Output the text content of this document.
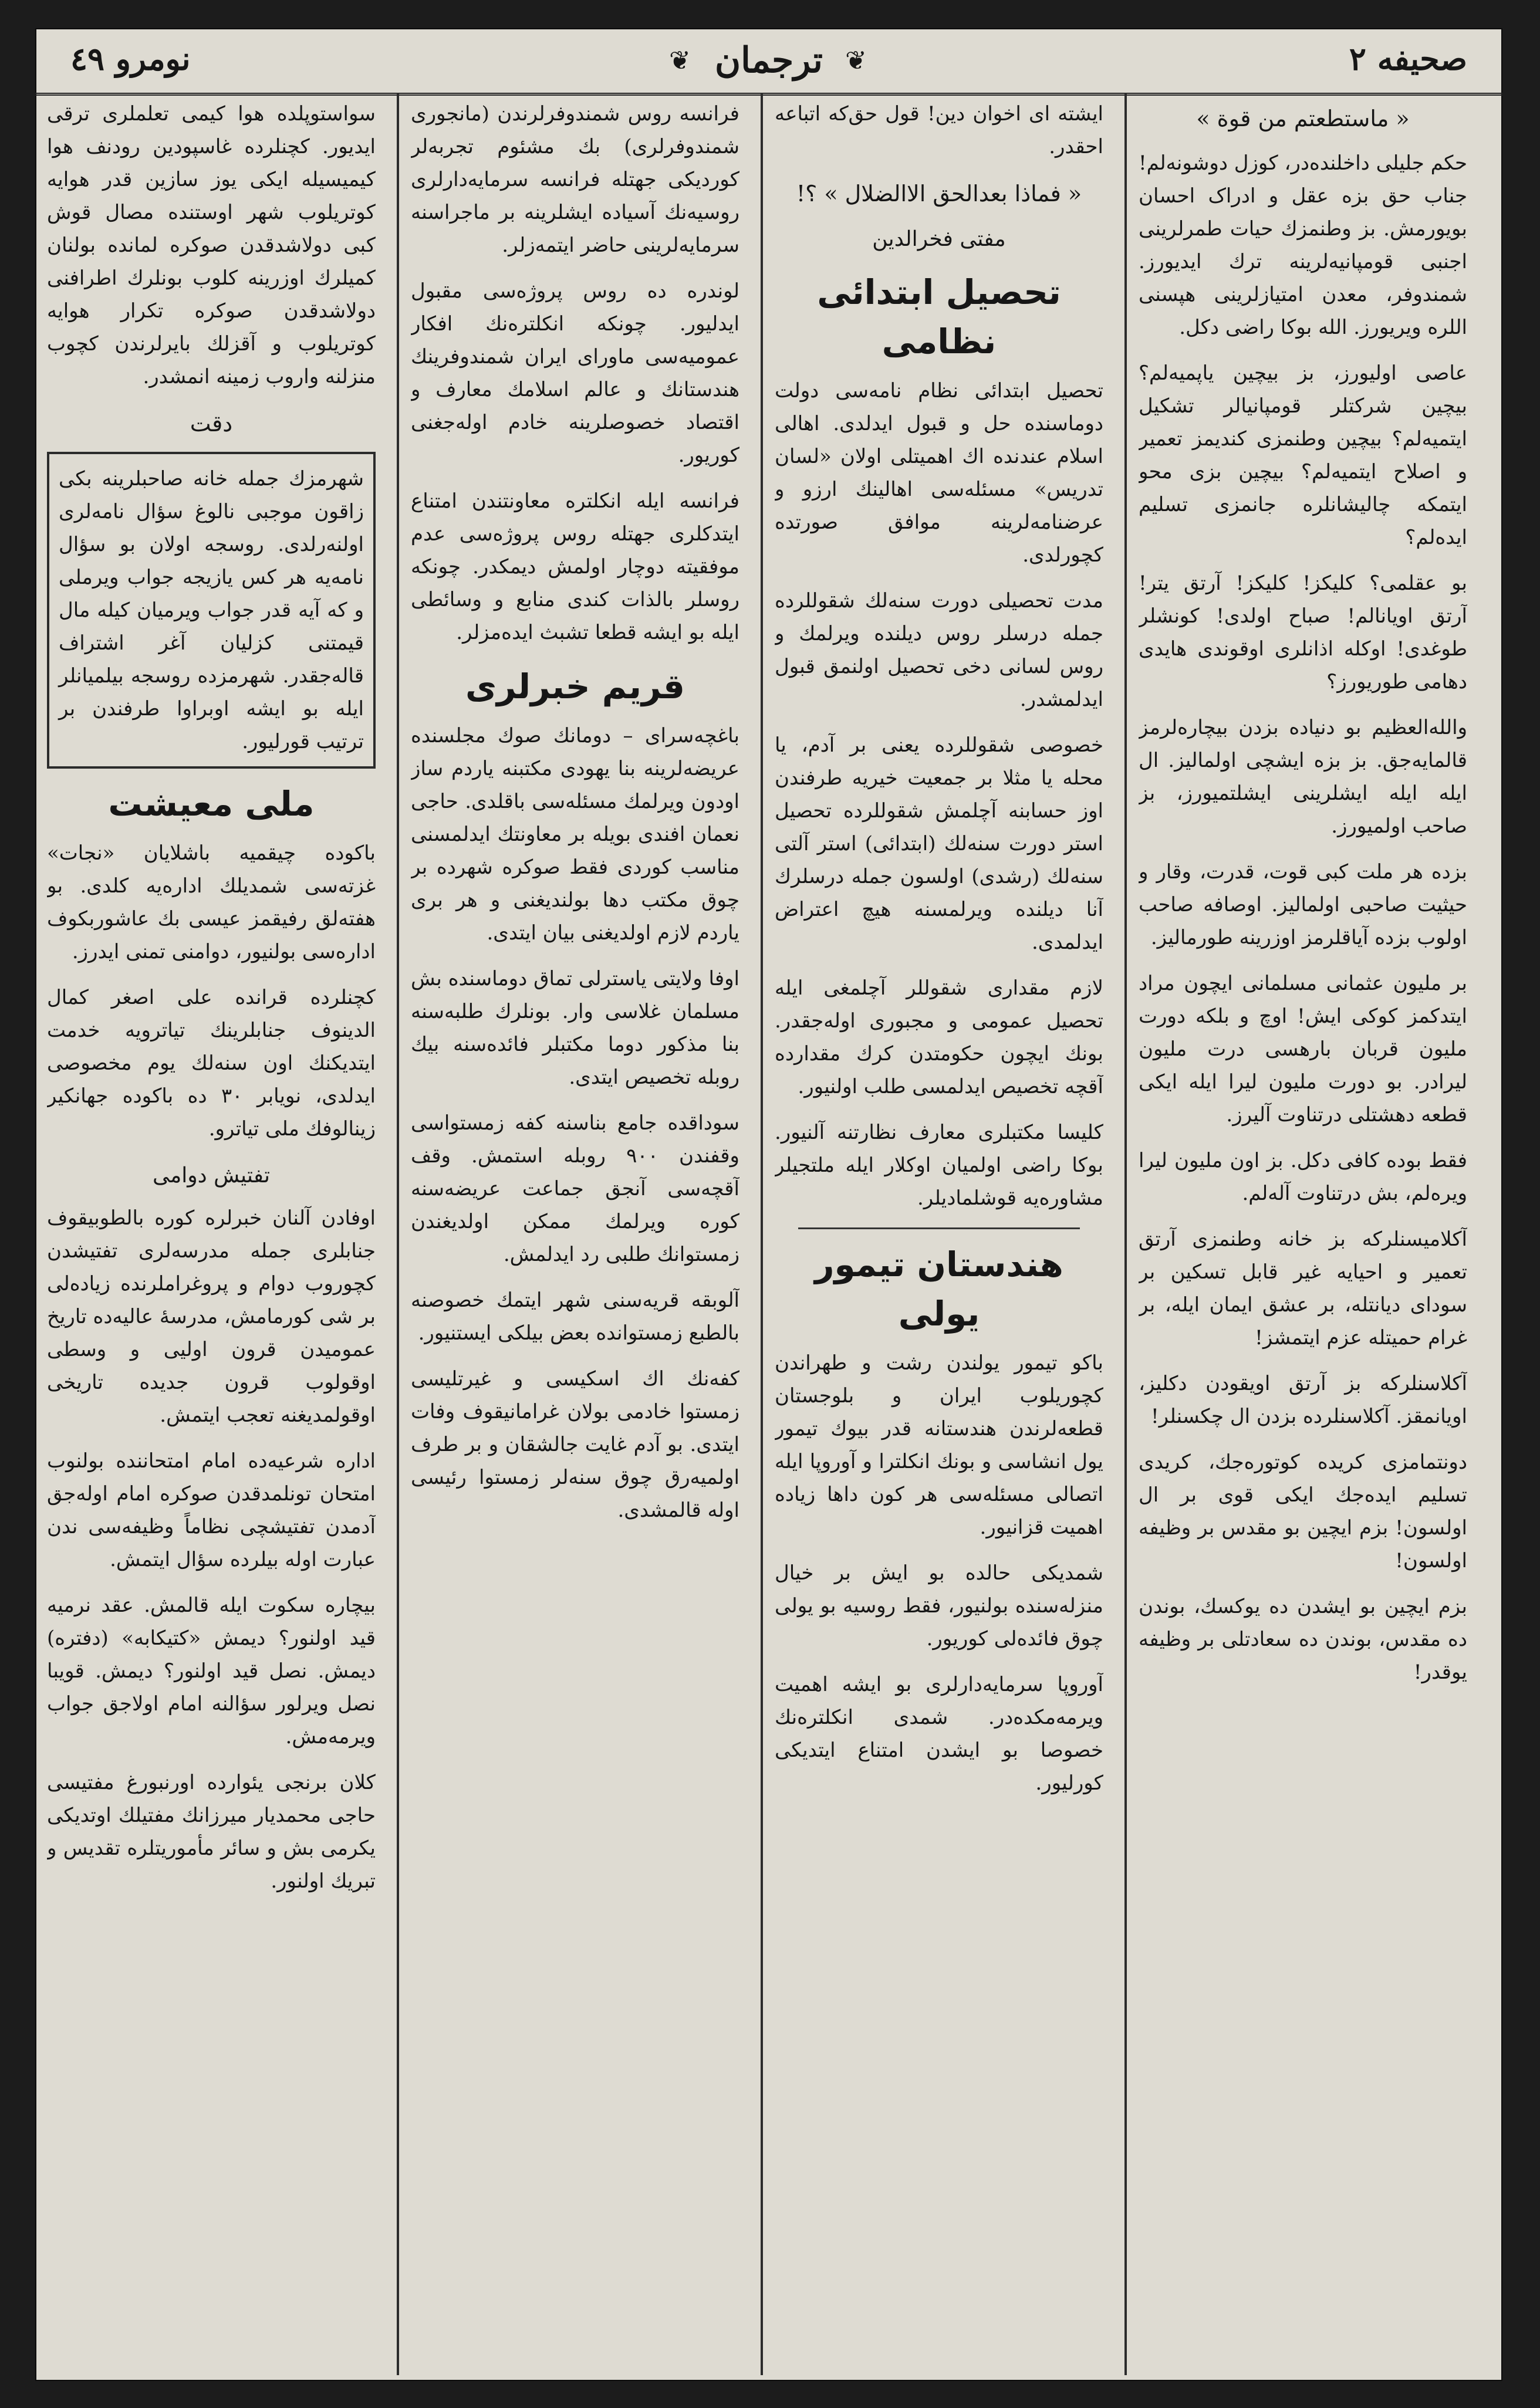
صحیفه ۲
❦
ترجمان
❦
نومرو ٤٩
« ماستطعتم من قوة »

حکم جلیلی داخلنده‌در، کوزل دوشونه‌لم! جناب حق بزه عقل و ادراک احسان بویورمش. بز وطنمزك حیات طمرلرینی اجنبی قومپانیه‌لرینه ترك ایدیورز. شمندوفر، معدن امتیازلرینی هپسنی اللره ویریورز. الله بوکا راضی دکل.

عاصی اولیورز، بز بیچین یاپمیه‌لم؟ بیچین شرکتلر قومپانیالر تشکیل ایتمیه‌لم؟ بیچین وطنمزی کندیمز تعمیر و اصلاح ایتمیه‌لم؟ بیچین بزی محو ایتمکه چالیشانلره جانمزی تسلیم ایده‌لم؟

بو عقلمی؟ کلیکز! کلیکز! آرتق یتر! آرتق اویانالم! صباح اولدی! کونشلر طوغدی! اوکله اذانلری اوقوندی هایدی دهامی طوریورز؟

والله‌العظیم بو دنیاده بزدن بیچاره‌لرمز قالمایه‌جق. بز بزه ایشچی اولمالیز. ال ایله ایله ایشلرینی ایشلتمیورز، بز صاحب اولمیورز.

بزده هر ملت کبی قوت، قدرت، وقار و حیثیت صاحبی اولمالیز. اوصافه صاحب اولوب بزده آیاقلرمز اوزرینه طورمالیز.

بر ملیون عثمانی مسلمانی ایچون مراد ایتدکمز کوکی ایش! اوچ و بلکه دورت ملیون قربان بارهسی درت ملیون لیرادر. بو دورت ملیون لیرا ایله ایکی قطعه دهشتلی درتناوت آلیرز.

فقط بوده کافی دکل. بز اون ملیون لیرا ویره‌لم، بش درتناوت آله‌لم.

آکلامیسنلرکه بز خانه وطنمزی آرتق تعمیر و احیایه غیر قابل تسکین بر سودای دیانتله، بر عشق ایمان ایله، بر غرام حمیتله عزم ایتمشز!

آکلاسنلرکه بز آرتق اویقودن دکلیز، اویانمقز. آکلاسنلرده بزدن ال چکسنلر!

دونتمامزی کریده کوتوره‌جك، کریدی تسلیم ایده‌جك ایکی قوی بر ال اولسون! بزم ایچین بو مقدس بر وظیفه اولسون!

بزم ایچین بو ایشدن ده یوکسك، بوندن ده مقدس، بوندن ده سعادتلی بر وظیفه یوقدر!

ایشته ای اخوان دین! قول حق‌که اتباعه احقدر.

« فماذا بعدالحق الاالضلال » ؟!
مفتی فخرالدین
تحصیل ابتدائی نظامی

تحصیل ابتدائی نظام نامه‌سی دولت دوماسنده حل و قبول ایدلدی. اهالی اسلام عندنده اك اهمیتلی اولان «لسان تدریس» مسئله‌سی اهالینك ارزو و عرضنامه‌لرینه موافق صورتده کچورلدی.

مدت تحصیلی دورت سنه‌لك شقوللرده جمله درسلر روس دیلنده ویرلمك و روس لسانی دخی تحصیل اولنمق قبول ایدلمشدر.

خصوصی شقوللرده یعنی بر آدم، یا محله یا مثلا بر جمعیت خیریه طرفندن اوز حسابنه آچلمش شقوللرده تحصیل استر دورت سنه‌لك (ابتدائی) استر آلتی سنه‌لك (رشدی) اولسون جمله درسلرك آنا دیلنده ویرلمسنه هیچ اعتراض ایدلمدی.

لازم مقداری شقوللر آچلمغی ایله تحصیل عمومی و مجبوری اوله‌جقدر. بونك ایچون حکومتدن کرك مقدارده آقچه تخصیص ایدلمسی طلب اولنیور.

کلیسا مکتبلری معارف نظارتنه آلنیور. بوکا راضی اولمیان اوکلار ایله ملتجیلر مشاوره‌یه قوشلمادیلر.

هندستان تیمور یولی

باکو تیمور یولندن رشت و طهراندن کچوریلوب ایران و بلوجستان قطعه‌لرندن هندستانه قدر بیوك تیمور یول انشاسی و بونك انکلترا و آوروپا ایله اتصالی مسئله‌سی هر کون داها زیاده اهمیت قزانیور.

شمدیکی حالده بو ایش بر خیال منزله‌سنده بولنیور، فقط روسیه بو یولی چوق فائده‌لی کوریور.

آوروپا سرمایه‌دارلری بو ایشه اهمیت ویرمه‌مکده‌در. شمدی انکلتره‌نك خصوصا بو ایشدن امتناع ایتدیکی کورلیور.

فرانسه روس شمندوفرلرندن (مانجوری شمندوفرلری) بك مشئوم تجربه‌لر کوردیکی جهتله فرانسه سرمایه‌دارلری روسیه‌نك آسیاده ایشلرینه بر ماجراسنه سرمایه‌لرینی حاضر ایتمه‌زلر.

لوندره ده روس پروژه‌سی مقبول ایدلیور. چونکه انکلتره‌نك افکار عمومیه‌سی ماورای ایران شمندوفرینك هندستانك و عالم اسلامك معارف و اقتصاد خصوصلرینه خادم اوله‌جغنی کوریور.

فرانسه ایله انکلتره معاونتندن امتناع ایتدکلری جهتله روس پروژه‌سی عدم موفقیته دوچار اولمش دیمکدر. چونکه روسلر بالذات کندی منابع و وسائطی ایله بو ایشه قطعا تشبث ایده‌مزلر.

قریم خبرلری

باغچه‌سرای – دومانك صوك مجلسنده عریضه‌لرینه بنا یهودی مکتبنه یاردم ساز اودون ویرلمك مسئله‌سی باقلدی. حاجی نعمان افندی بویله بر معاونتك ایدلمسنی مناسب کوردی فقط صوکره شهرده بر چوق مکتب دها بولندیغنی و هر بری یاردم لازم اولدیغنی بیان ایتدی.

اوفا ولایتی یاسترلی تماق دوماسنده بش مسلمان غلاسی وار. بونلرك طلبه‌سنه بنا مذکور دوما مکتبلر فائده‌سنه بیك روبله تخصیص ایتدی.

سوداقده جامع بناسنه کفه زمستواسی وقفندن ۹۰۰ روبله استمش. وقف آقچه‌سی آنجق جماعت عریضه‌سنه کوره ویرلمك ممکن اولدیغندن زمستوانك طلبی رد ایدلمش.

آلوبقه قریه‌سنی شهر ایتمك خصوصنه بالطبع زمستوانده بعض بیلکی ایستنیور.

کفه‌نك اك اسکیسی و غیرتلیسی زمستوا خادمی بولان غرامانیقوف وفات ایتدی. بو آدم غایت جالشقان و بر طرف اولمیه‌رق چوق سنه‌لر زمستوا رئیسی اوله قالمشدی.

سواستوپلده هوا کیمی تعلملری ترقی ایدیور. کچنلرده غاسپودین رودنف هوا کیمیسیله ایکی یوز سازین قدر هوایه کوتریلوب شهر اوستنده مصال قوش کبی دولاشدقدن صوکره لمانده بولنان کمیلرك اوزرینه کلوب بونلرك اطرافنی دولاشدقدن صوکره تکرار هوایه کوتریلوب و آقزلك بایرلرندن کچوب منزلنه واروب زمینه انمشدر.

دقت

شهرمزك جمله خانه صاحبلرینه بکی زاقون موجبی نالوغ سؤال نامه‌لری اولنه‌رلدی. روسجه اولان بو سؤال نامه‌یه هر کس یازیجه جواب ویرملی و که آیه قدر جواب ویرمیان کیله مال قیمتنی کزلیان آغر اشتراف قاله‌جقدر. شهرمزده روسجه بیلمیانلر ایله بو ایشه اوبراوا طرفندن بر ترتیب قورلیور.

ملی معیشت

باکوده چیقمیه باشلایان «نجات» غزته‌سی شمدیلك اداره‌یه کلدی. بو هفته‌لق رفیقمز عیسی بك عاشوربکوف اداره‌سی بولنیور، دوامنی تمنی ایدرز.

کچنلرده قرانده علی اصغر کمال الدینوف جنابلرینك تیاترویه خدمت ایتدیکنك اون سنه‌لك یوم مخصوصی ایدلدی، نویابر ۳۰ ده باکوده جهانکیر زینالوفك ملی تیاترو.

تفتیش دوامی

اوفادن آلنان خبرلره کوره بالطوبیقوف جنابلری جمله مدرسه‌لری تفتیشدن کچوروب دوام و پروغراملرنده زیاده‌لی بر شی کورمامش، مدرسهٔ عالیه‌ده تاریخ عمومیدن قرون اولیی و وسطی اوقولوب قرون جدیده تاریخی اوقولمدیغنه تعجب ایتمش.

اداره شرعیه‌ده امام امتحاننده بولنوب امتحان تونلمدقدن صوکره امام اوله‌جق آدمدن تفتیشچی نظاماً وظیفه‌سی ندن عبارت اوله بیلرده سؤال ایتمش.

بیچاره سکوت ایله قالمش. عقد نرمیه قید اولنور؟ دیمش «کتیکابه» (دفتره) دیمش. نصل قید اولنور؟ دیمش. قویبا نصل ویرلور سؤالنه امام اولاجق جواب ویرمه‌مش.

کلان برنجی یئوارده اورنبورغ مفتیسی حاجی محمدیار میرزانك مفتیلك اوتدیکی یکرمی بش و سائر مأموریتلره تقدیس و تبریك اولنور.
